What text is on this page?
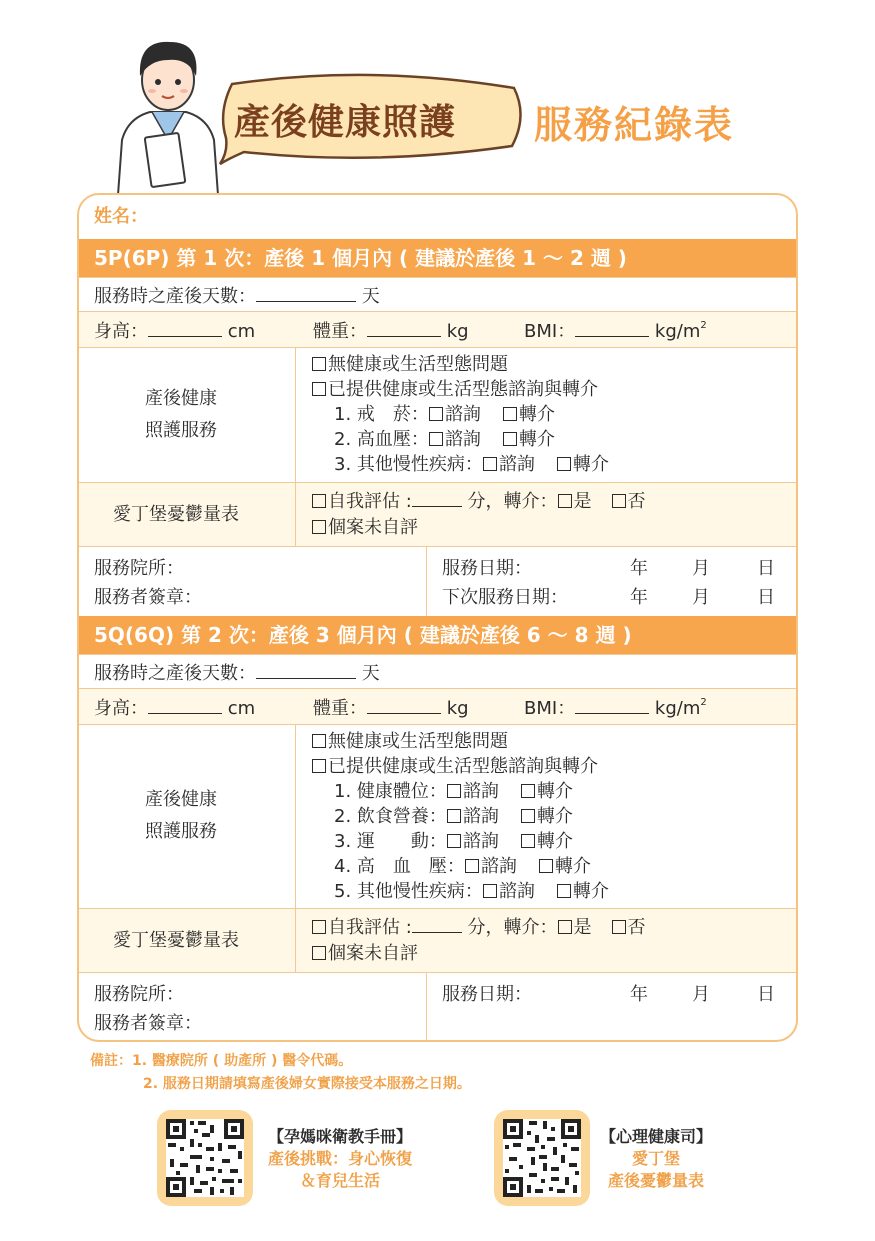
產後健康照護 服務紀錄表
姓名：
5P(6P) 第 1 次：產後 1 個月內 ( 建議於產後 1 ～ 2 週 )
服務時之產後天數：	天
身高：	cm	體重：	kg	BMI：	$kg/m^2$
產後健康
照護服務
無健康或生活型態問題
已提供健康或生活型態諮詢與轉介
1. 戒　菸： 諮詢 轉介
2. 高血壓： 諮詢 轉介
3. 其他慢性疾病： 諮詢 轉介
愛丁堡憂鬱量表
自我評估 :	分，轉介： 是 否
個案未自評
服務院所：
服務者簽章：
服務日期：	年 月	日
下次服務日期：	年 月	日
5Q(6Q) 第 2 次：產後 3 個月內 ( 建議於產後 6 ～ 8 週 )
服務時之產後天數：	天
身高：	cm	體重：	kg	BMI：	$kg/m^2$
產後健康
照護服務
無健康或生活型態問題
已提供健康或生活型態諮詢與轉介
1. 健康體位： 諮詢 轉介
2. 飲食營養： 諮詢 轉介
3. 運　　動： 諮詢 轉介
4. 高　血　壓： 諮詢 轉介
5. 其他慢性疾病： 諮詢 轉介
愛丁堡憂鬱量表
自我評估 :	分，轉介： 是 否
個案未自評
服務院所：
服務者簽章：
服務日期：	年 月	日
備註：1. 醫療院所 ( 助產所 ) 醫令代碼。
2. 服務日期請填寫產後婦女實際接受本服務之日期。
【孕媽咪衛教手冊】
產後挑戰：身心恢復
＆育兒生活
【心理健康司】
愛丁堡
產後憂鬱量表
